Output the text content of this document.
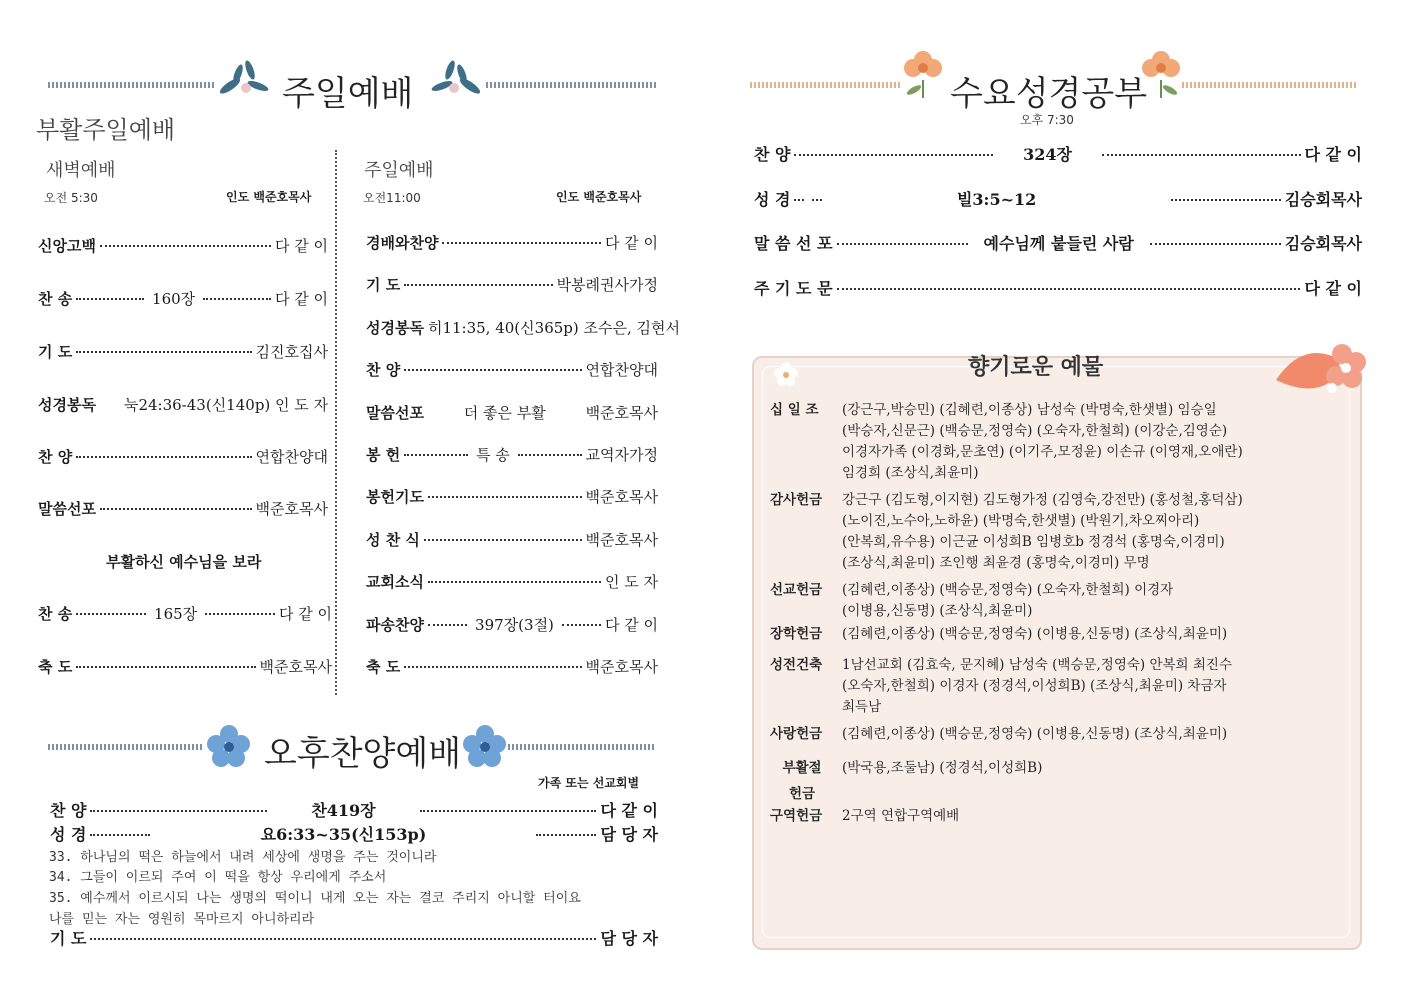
주일예배
부활주일예배
새벽예배
오전 5:30	인도 백준호목사
신앙고백	다 같 이
찬 송	160장	다 같 이
기 도	김진호집사
성경봉독	눅24:36-43(신140p) 인 도 자
찬 양	연합찬양대
말씀선포	백준호목사
부활하신 예수님을 보라
찬 송	165장	다 같 이
축 도	백준호목사
주일예배
오전11:00	인도 백준호목사
경배와찬양	다 같 이
기 도	박봉례권사가정
성경봉독 히11:35, 40(신365p) 조수은, 김현서
찬 양	연합찬양대
말씀선포	더 좋은 부활	백준호목사
봉 헌	특 송	교역자가정
봉헌기도	백준호목사
성 찬 식	백준호목사
교회소식	인 도 자
파송찬양	397장(3절)	다 같 이
축 도	백준호목사
오후찬양예배
가족 또는 선교회별
찬 양	찬419장	다 같 이
성 경	요6:33~35(신153p)	담 당 자
33. 하나님의 떡은 하늘에서 내려 세상에 생명을 주는 것이니라
34. 그들이 이르되 주여 이 떡을 항상 우리에게 주소서
35. 예수께서 이르시되 나는 생명의 떡이니 내게 오는 자는 결코 주리지 아니할 터이요
나를 믿는 자는 영원히 목마르지 아니하리라
기 도	담 당 자
수요성경공부
오후 7:30
찬 양	324장	다 같 이
성 경	빌3:5~12	김승회목사
말 씀 선 포	예수님께 붙들린 사람	김승회목사
주 기 도 문	다 같 이
향기로운 예물
십 일 조	(강근구,박승민) (김혜련,이종상) 남성숙 (박명숙,한샛별) 임승일
(박승자,신문근) (백승문,정영숙) (오숙자,한철희) (이강순,김영순)
이경자가족 (이경화,문초연) (이기주,모정윤) 이손규 (이영재,오애란)
임경희 (조상식,최윤미)
감사헌금	강근구 (김도형,이지현) 김도형가정 (김영숙,강전만) (홍성철,홍덕삼)
(노이진,노수아,노하윤) (박명숙,한샛별) (박원기,차오찌아리)
(안복희,유수용) 이근균 이성희B 임병호b 정경석 (홍명숙,이경미)
(조상식,최윤미) 조인행 최윤경 (홍명숙,이경미) 무명
선교헌금	(김혜련,이종상) (백승문,정영숙) (오숙자,한철희) 이경자
(이병용,신동명) (조상식,최윤미)
장학헌금	(김혜련,이종상) (백승문,정영숙) (이병용,신동명) (조상식,최윤미)
성전건축	1남선교회 (김효숙, 문지혜) 남성숙 (백승문,정영숙) 안복희 최진수
(오숙자,한철희) 이경자 (정경석,이성희B) (조상식,최윤미) 차금자
최득남
사랑헌금	(김혜련,이종상) (백승문,정영숙) (이병용,신동명) (조상식,최윤미)
부활절	(박국용,조둘남) (정경석,이성희B)
헌금
구역헌금	2구역 연합구역예배
